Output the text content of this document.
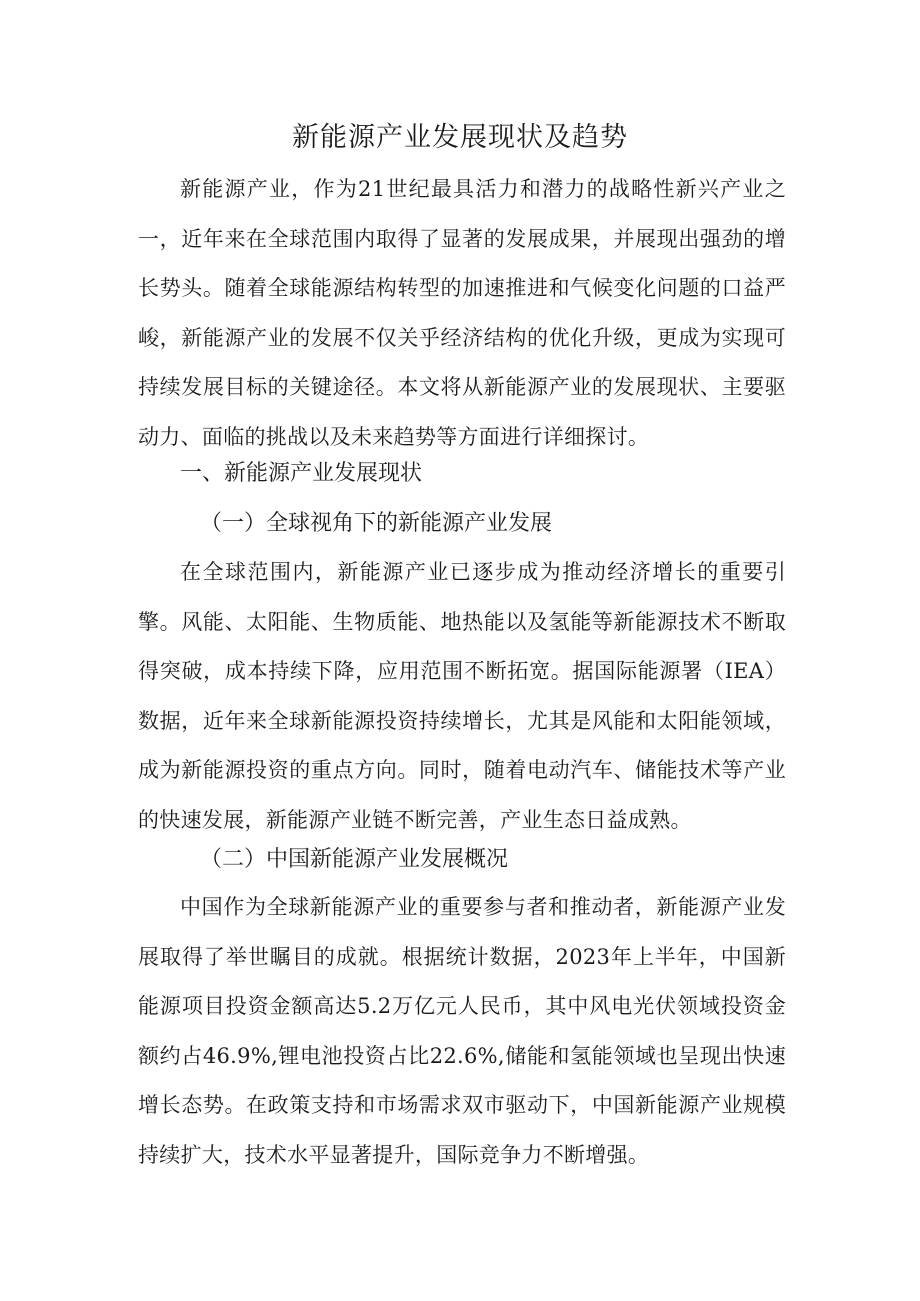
新能源产业发展现状及趋势

新能源产业，作为21世纪最具活力和潜力的战略性新兴产业之一，近年来在全球范围内取得了显著的发展成果，并展现出强劲的增长势头。随着全球能源结构转型的加速推进和气候变化问题的口益严峻，新能源产业的发展不仅关乎经济结构的优化升级，更成为实现可持续发展目标的关键途径。本文将从新能源产业的发展现状、主要驱动力、面临的挑战以及未来趋势等方面进行详细探讨。

一、新能源产业发展现状
（一）全球视角下的新能源产业发展

在全球范围内，新能源产业已逐步成为推动经济增长的重要引擎。风能、太阳能、生物质能、地热能以及氢能等新能源技术不断取得突破，成本持续下降，应用范围不断拓宽。据国际能源署（IEA）数据，近年来全球新能源投资持续增长，尤其是风能和太阳能领域，成为新能源投资的重点方向。同时，随着电动汽车、储能技术等产业的快速发展，新能源产业链不断完善，产业生态日益成熟。

（二）中国新能源产业发展概况

中国作为全球新能源产业的重要参与者和推动者，新能源产业发展取得了举世瞩目的成就。根据统计数据，2023年上半年，中国新能源项目投资金额高达5.2万亿元人民币，其中风电光伏领域投资金额约占46.9%,锂电池投资占比22.6%,储能和氢能领域也呈现出快速增长态势。在政策支持和市场需求双市驱动下，中国新能源产业规模持续扩大，技术水平显著提升，国际竞争力不断增强。
